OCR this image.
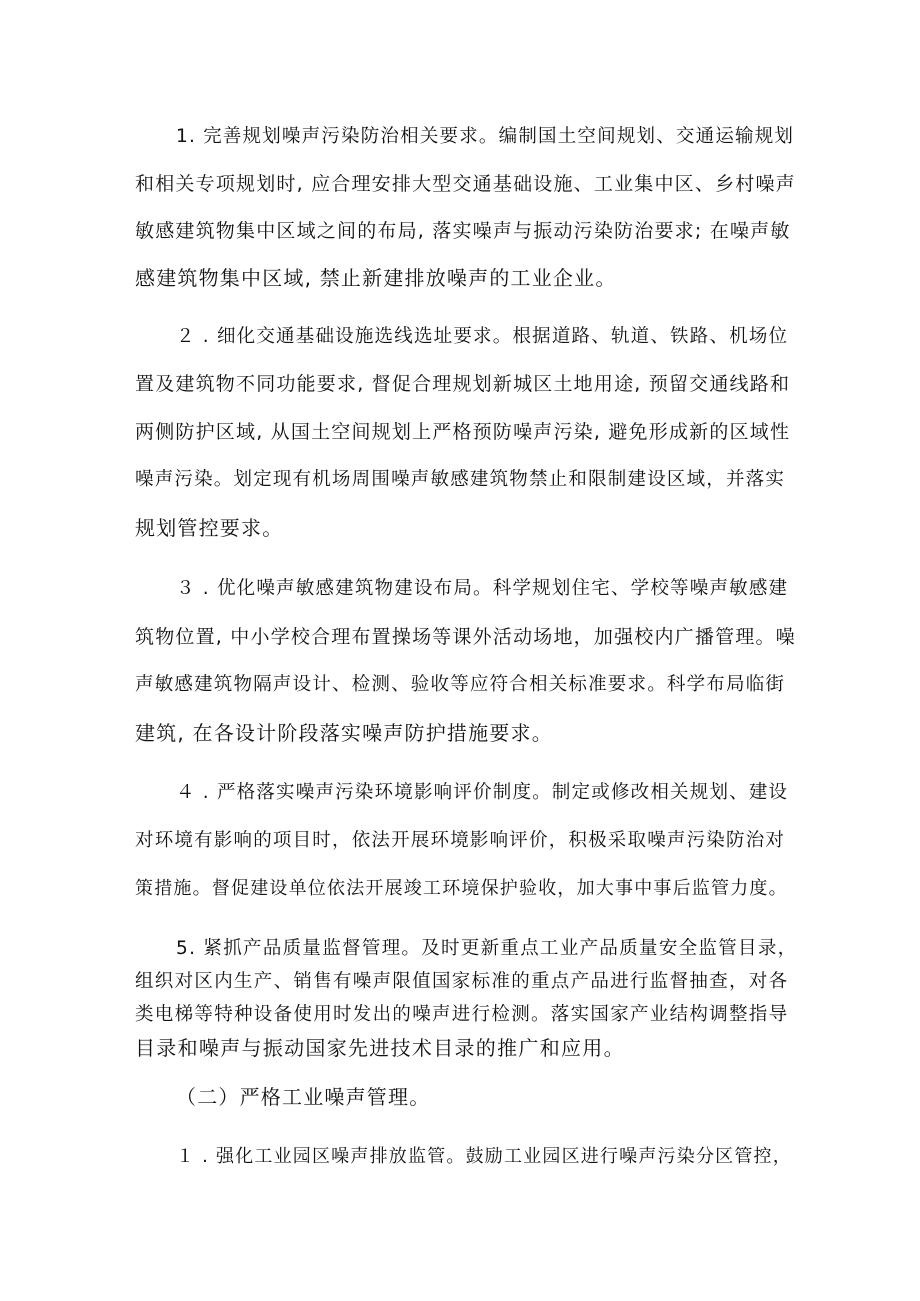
1. 完善规划噪声污染防治相关要求。编制国土空间规划、交通运输规划
和相关专项规划时, 应合理安排大型交通基础设施、工业集中区、乡村噪声
敏感建筑物集中区域之间的布局, 落实噪声与振动污染防治要求; 在噪声敏
感建筑物集中区域, 禁止新建排放噪声的工业企业。
２ . 细化交通基础设施选线选址要求。根据道路、轨道、铁路、机场位
置及建筑物不同功能要求, 督促合理规划新城区土地用途, 预留交通线路和
两侧防护区域, 从国土空间规划上严格预防噪声污染, 避免形成新的区域性
噪声污染。划定现有机场周围噪声敏感建筑物禁止和限制建设区域，并落实
规划管控要求。
３ . 优化噪声敏感建筑物建设布局。科学规划住宅、学校等噪声敏感建
筑物位置, 中小学校合理布置操场等课外活动场地，加强校内广播管理。噪
声敏感建筑物隔声设计、检测、验收等应符合相关标准要求。科学布局临街
建筑, 在各设计阶段落实噪声防护措施要求。
４ . 严格落实噪声污染环境影响评价制度。制定或修改相关规划、建设
对环境有影响的项目时，依法开展环境影响评价，积极采取噪声污染防治对
策措施。督促建设单位依法开展竣工环境保护验收，加大事中事后监管力度。
5. 紧抓产品质量监督管理。及时更新重点工业产品质量安全监管目录，
组织对区内生产、销售有噪声限值国家标准的重点产品进行监督抽查，对各
类电梯等特种设备使用时发出的噪声进行检测。落实国家产业结构调整指导
目录和噪声与振动国家先进技术目录的推广和应用。
（二）严格工业噪声管理。
１ . 强化工业园区噪声排放监管。鼓励工业园区进行噪声污染分区管控，
